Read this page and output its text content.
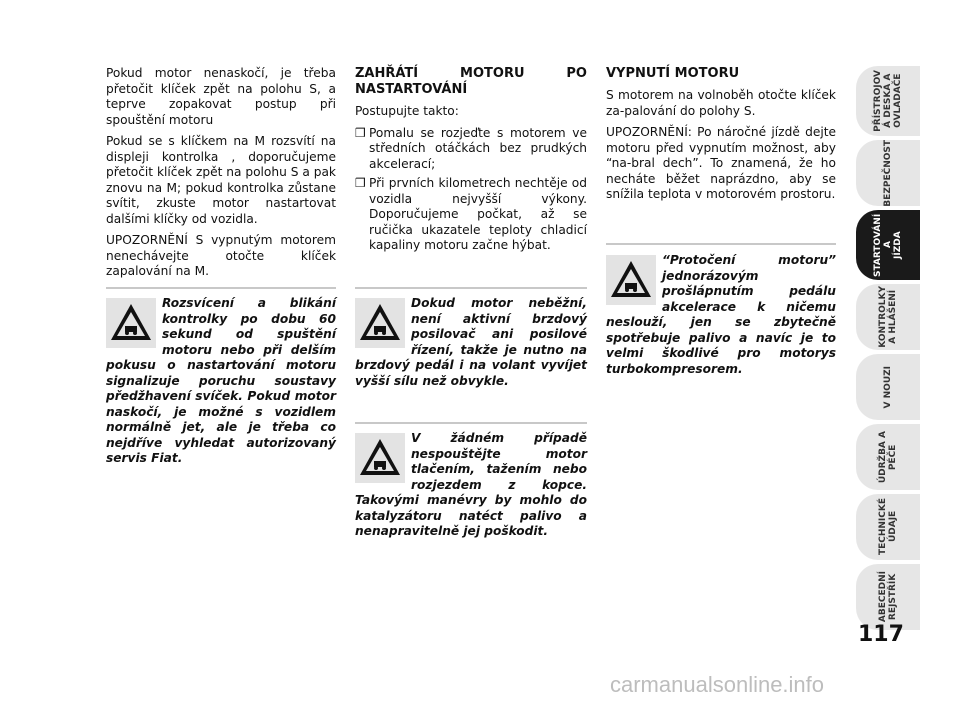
Pokud motor nenaskočí, je třeba přetočit klíček zpět na polohu S, a teprve zopakovat postup při spouštění motoru

Pokud se s klíčkem na M rozsvítí na displeji kontrolka , doporučujeme přetočit klíček zpět na polohu S a pak znovu na M; pokud kontrolka zůstane svítit, zkuste motor nastartovat dalšími klíčky od vozidla.

UPOZORNĚNÍ S vypnutým motorem nenechávejte otočte klíček zapalování na M.

Rozsvícení a blikání kontrolky po dobu 60 sekund od spuštění motoru nebo při delším pokusu o nastartování motoru signalizuje poruchu soustavy předžhavení svíček. Pokud motor naskočí, je možné s vozidlem normálně jet, ale je třeba co nejdříve vyhledat autorizovaný servis Fiat.
ZAHŘÁTÍ MOTORU PO NASTARTOVÁNÍ

Postupujte takto:

❒ Pomalu se rozjeďte s motorem ve středních otáčkách bez prudkých akcelerací;
❒ Při prvních kilometrech nechtěje od vozidla nejvyšší výkony. Doporučujeme počkat, až se ručička ukazatele teploty chladicí kapaliny motoru začne hýbat.
Dokud motor neběžní, není aktivní brzdový posilovač ani posilové řízení, takže je nutno na brzdový pedál i na volant vyvíjet vyšší sílu než obvykle.
V žádném případě nespouštějte motor tlačením, tažením nebo rozjezdem z kopce. Takovými manévry by mohlo do katalyzátoru natéct palivo a nenapravitelně jej poškodit.
VYPNUTÍ MOTORU

S motorem na volnoběh otočte klíček za-palování do polohy S.

UPOZORNĚNÍ: Po náročné jízdě dejte motoru před vypnutím možnost, aby “na-bral dech”. To znamená, že ho necháte běžet naprázdno, aby se snížila teplota v motorovém prostoru.

“Protočení motoru” jednorázovým prošlápnutím pedálu akcelerace k ničemu neslouží, jen se zbytečně spotřebuje palivo a navíc je to velmi škodlivé pro motorys turbokompresorem.
PŘÍSTROJOV
Á DESKA A
OVLADAČE
BEZPEČNOST
STARTOVÁNÍ A
JÍZDA
KONTROLKY
A HLÁŠENÍ
V NOUZI
ÚDRŽBA A
PÉČE
TECHNICKÉ
ÚDAJE
ABECEDNÍ
REJSTŘÍK
117
carmanualsonline.info
